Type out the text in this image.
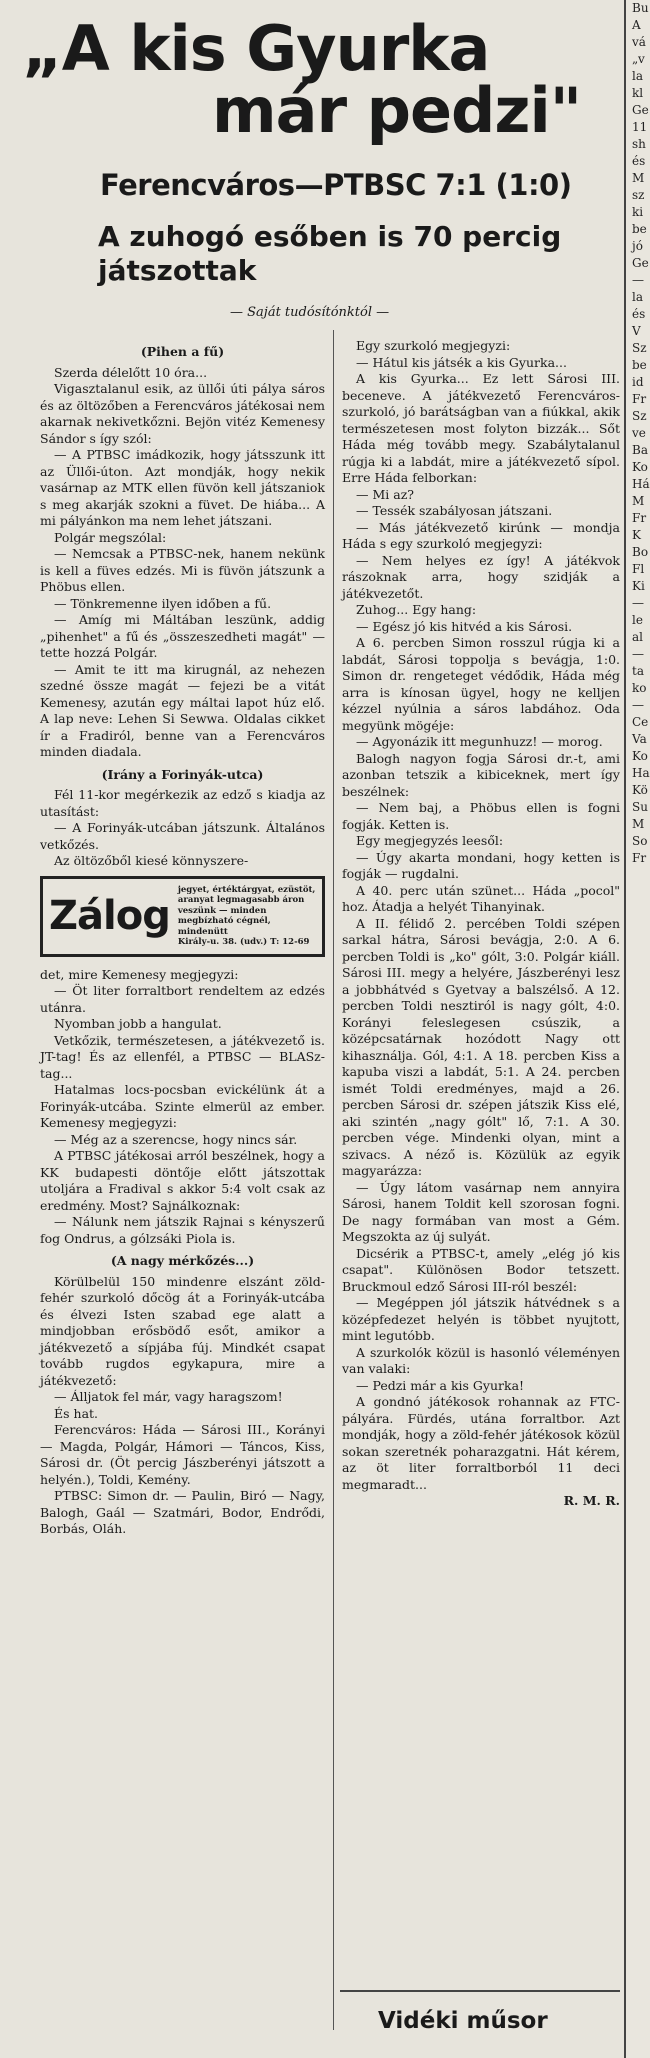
„A kis Gyurka
már pedzi"
Ferencváros—PTBSC 7:1 (1:0)
A zuhogó esőben is 70 percig játszottak
— Saját tudósítónktól —

(Pihen a fű)

Szerda délelőtt 10 óra...

Vigasztalanul esik, az üllői úti pálya sáros és az öltözőben a Ferencváros játékosai nem akarnak nekivetkőzni. Bejön vitéz Kemenesy Sándor s így szól:

— A PTBSC imádkozik, hogy játsszunk itt az Üllői-úton. Azt mondják, hogy nekik vasárnap az MTK ellen füvön kell játszaniok s meg akarják szokni a füvet. De hiába... A mi pályánkon ma nem lehet játszani.

Polgár megszólal:

— Nemcsak a PTBSC-nek, hanem nekünk is kell a füves edzés. Mi is füvön játszunk a Phöbus ellen.

— Tönkremenne ilyen időben a fű.

— Amíg mi Máltában leszünk, addig „pihenhet" a fű és „összeszedheti magát" — tette hozzá Polgár.

— Amit te itt ma kirugnál, az nehezen szedné össze magát — fejezi be a vitát Kemenesy, azután egy máltai lapot húz elő. A lap neve: Lehen Si Sewwa. Oldalas cikket ír a Fradiról, benne van a Ferencváros minden diadala.

(Irány a Forinyák-utca)

Fél 11-kor megérkezik az edző s kiadja az utasítást:

— A Forinyák-utcában játszunk. Általános vetkőzés.

Az öltözőből kiesé könnyszere-

Zálog
jegyet, értéktárgyat, ezüstöt, aranyat legmagasabb áron veszünk — minden megbízható cégnél, mindenütt
Király-u. 38. (udv.) T: 12-69

det, mire Kemenesy megjegyzi:

— Öt liter forraltbort rendeltem az edzés utánra.

Nyomban jobb a hangulat.

Vetkőzik, természetesen, a játékvezető is. JT-tag! És az ellenfél, a PTBSC — BLASz-tag...

Hatalmas locs-pocsban evickélünk át a Forinyák-utcába. Szinte elmerül az ember. Kemenesy megjegyzi:

— Még az a szerencse, hogy nincs sár.

A PTBSC játékosai arról beszélnek, hogy a KK budapesti döntője előtt játszottak utoljára a Fradival s akkor 5:4 volt csak az eredmény. Most? Sajnálkoznak:

— Nálunk nem játszik Rajnai s kényszerű fog Ondrus, a gólzsáki Piola is.

(A nagy mérkőzés...)

Körülbelül 150 mindenre elszánt zöld-fehér szurkoló dőcög át a Forinyák-utcába és élvezi Isten szabad ege alatt a mindjobban erősbödő esőt, amikor a játékvezető a sípjába fúj. Mindkét csapat tovább rugdos egykapura, mire a játékvezető:

— Álljatok fel már, vagy haragszom!

És hat.

Ferencváros: Háda — Sárosi III., Korányi — Magda, Polgár, Hámori — Táncos, Kiss, Sárosi dr. (Öt percig Jászberényi játszott a helyén.), Toldi, Kemény.

PTBSC: Simon dr. — Paulin, Biró — Nagy, Balogh, Gaál — Szatmári, Bodor, Endrődi, Borbás, Oláh.

Egy szurkoló megjegyzi:

— Hátul kis játsék a kis Gyurka...

A kis Gyurka... Ez lett Sárosi III. beceneve. A játékvezető Ferencváros-szurkoló, jó barátságban van a fiúkkal, akik természetesen most folyton bizzák... Sőt Háda még tovább megy. Szabálytalanul rúgja ki a labdát, mire a játékvezető sípol. Erre Háda felborkan:

— Mi az?

— Tessék szabályosan játszani.

— Más játékvezető kirúnk — mondja Háda s egy szurkoló megjegyzi:

— Nem helyes ez így! A játékvok rászoknak arra, hogy szidják a játékvezetőt.

Zuhog... Egy hang:

— Egész jó kis hitvéd a kis Sárosi.

A 6. percben Simon rosszul rúgja ki a labdát, Sárosi toppolja s bevágja, 1:0. Simon dr. rengeteget védődik, Háda még arra is kínosan ügyel, hogy ne kelljen kézzel nyúlnia a sáros labdához. Oda megyünk mögéje:

— Agyonázik itt megunhuzz! — morog.

Balogh nagyon fogja Sárosi dr.-t, ami azonban tetszik a kibiceknek, mert így beszélnek:

— Nem baj, a Phöbus ellen is fogni fogják. Ketten is.

Egy megjegyzés leesől:

— Úgy akarta mondani, hogy ketten is fogják — rugdalni.

A 40. perc után szünet... Háda „pocol" hoz. Átadja a helyét Tihanyinak.

A II. félidő 2. percében Toldi szépen sarkal hátra, Sárosi bevágja, 2:0. A 6. percben Toldi is „ko" gólt, 3:0. Polgár kiáll. Sárosi III. megy a helyére, Jászberényi lesz a jobbhátvéd s Gyetvay a balszélső. A 12. percben Toldi nesztiról is nagy gólt, 4:0. Korányi feleslegesen csúszik, a középcsatárnak hozódott Nagy ott kihasználja. Gól, 4:1. A 18. percben Kiss a kapuba viszi a labdát, 5:1. A 24. percben ismét Toldi eredményes, majd a 26. percben Sárosi dr. szépen játszik Kiss elé, aki szintén „nagy gólt" lő, 7:1. A 30. percben vége. Mindenki olyan, mint a szivacs. A néző is. Közülük az egyik magyarázza:

— Úgy látom vasárnap nem annyira Sárosi, hanem Toldit kell szorosan fogni. De nagy formában van most a Gém. Megszokta az új sulyát.

Dicsérik a PTBSC-t, amely „elég jó kis csapat". Különösen Bodor tetszett. Bruckmoul edző Sárosi III-ról beszél:

— Megéppen jól játszik hátvédnek s a középfedezet helyén is többet nyujtott, mint legutóbb.

A szurkolók közül is hasonló véleményen van valaki:

— Pedzi már a kis Gyurka!

A gondnó játékosok rohannak az FTC-pályára. Fürdés, utána forraltbor. Azt mondják, hogy a zöld-fehér játékosok közül sokan szeretnék poharazgatni. Hát kérem, az öt liter forraltborból 11 deci megmaradt...

R. M. R.

Vidéki műsor

Bu

A

vá

„v

la

kl

Ge

11

sh

és

M

sz

ki

be

jó

Ge

—

la

és

V

Sz

be

id

Fr

Sz

ve

Ba

Ko

Há

M

Fr

K

Bo

Fl

Ki

—

le

al

—

ta

ko

—

Ce

Va

Ko

Ha

Kö

Su

M

So

Fr
